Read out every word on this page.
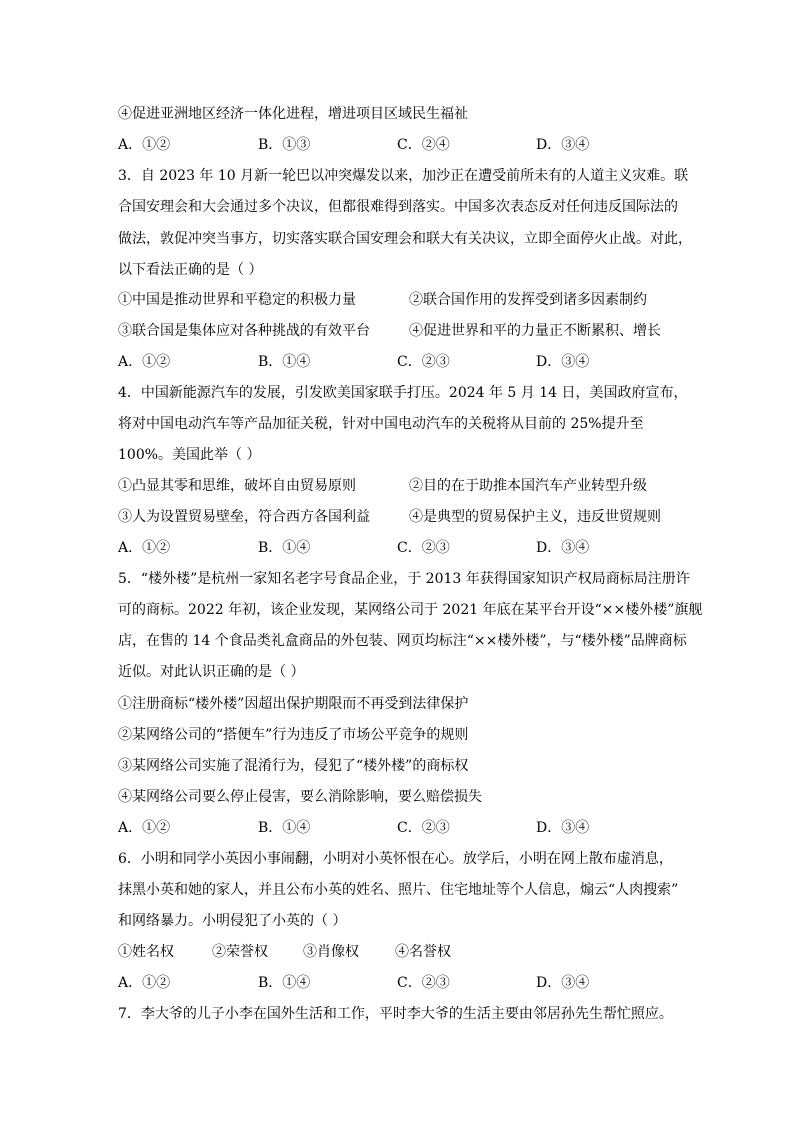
④促进亚洲地区经济一体化进程，增进项目区域民生福祉
A．①②	B．①③	C．②④	D．③④
3．自 2023 年 10 月新一轮巴以冲突爆发以来，加沙正在遭受前所未有的人道主义灾难。联
合国安理会和大会通过多个决议，但都很难得到落实。中国多次表态反对任何违反国际法的
做法，敦促冲突当事方，切实落实联合国安理会和联大有关决议，立即全面停火止战。对此，
以下看法正确的是（ ）
①中国是推动世界和平稳定的积极力量	②联合国作用的发挥受到诸多因素制约
③联合国是集体应对各种挑战的有效平台	④促进世界和平的力量正不断累积、增长
A．①②	B．①④	C．②③	D．③④
4．中国新能源汽车的发展，引发欧美国家联手打压。2024 年 5 月 14 日，美国政府宣布，
将对中国电动汽车等产品加征关税，针对中国电动汽车的关税将从目前的 25%提升至
100%。美国此举（ ）
①凸显其零和思维，破坏自由贸易原则	②目的在于助推本国汽车产业转型升级
③人为设置贸易壁垒，符合西方各国利益	④是典型的贸易保护主义，违反世贸规则
A．①②	B．①④	C．②③	D．③④
5．“楼外楼”是杭州一家知名老字号食品企业，于 2013 年获得国家知识产权局商标局注册许
可的商标。2022 年初，该企业发现，某网络公司于 2021 年底在某平台开设“××楼外楼”旗舰
店，在售的 14 个食品类礼盒商品的外包装、网页均标注“××楼外楼”，与“楼外楼”品牌商标
近似。对此认识正确的是（ ）
①注册商标“楼外楼”因超出保护期限而不再受到法律保护
②某网络公司的“搭便车”行为违反了市场公平竞争的规则
③某网络公司实施了混淆行为，侵犯了“楼外楼”的商标权
④某网络公司要么停止侵害，要么消除影响，要么赔偿损失
A．①②	B．①④	C．②③	D．③④
6．小明和同学小英因小事闹翻，小明对小英怀恨在心。放学后，小明在网上散布虚消息，
抹黑小英和她的家人，并且公布小英的姓名、照片、住宅地址等个人信息，煽云“人肉搜索”
和网络暴力。小明侵犯了小英的（ ）
①姓名权	②荣誉权	③肖像权	④名誉权
A．①②	B．①④	C．②③	D．③④
7．李大爷的儿子小李在国外生活和工作，平时李大爷的生活主要由邻居孙先生帮忙照应。
